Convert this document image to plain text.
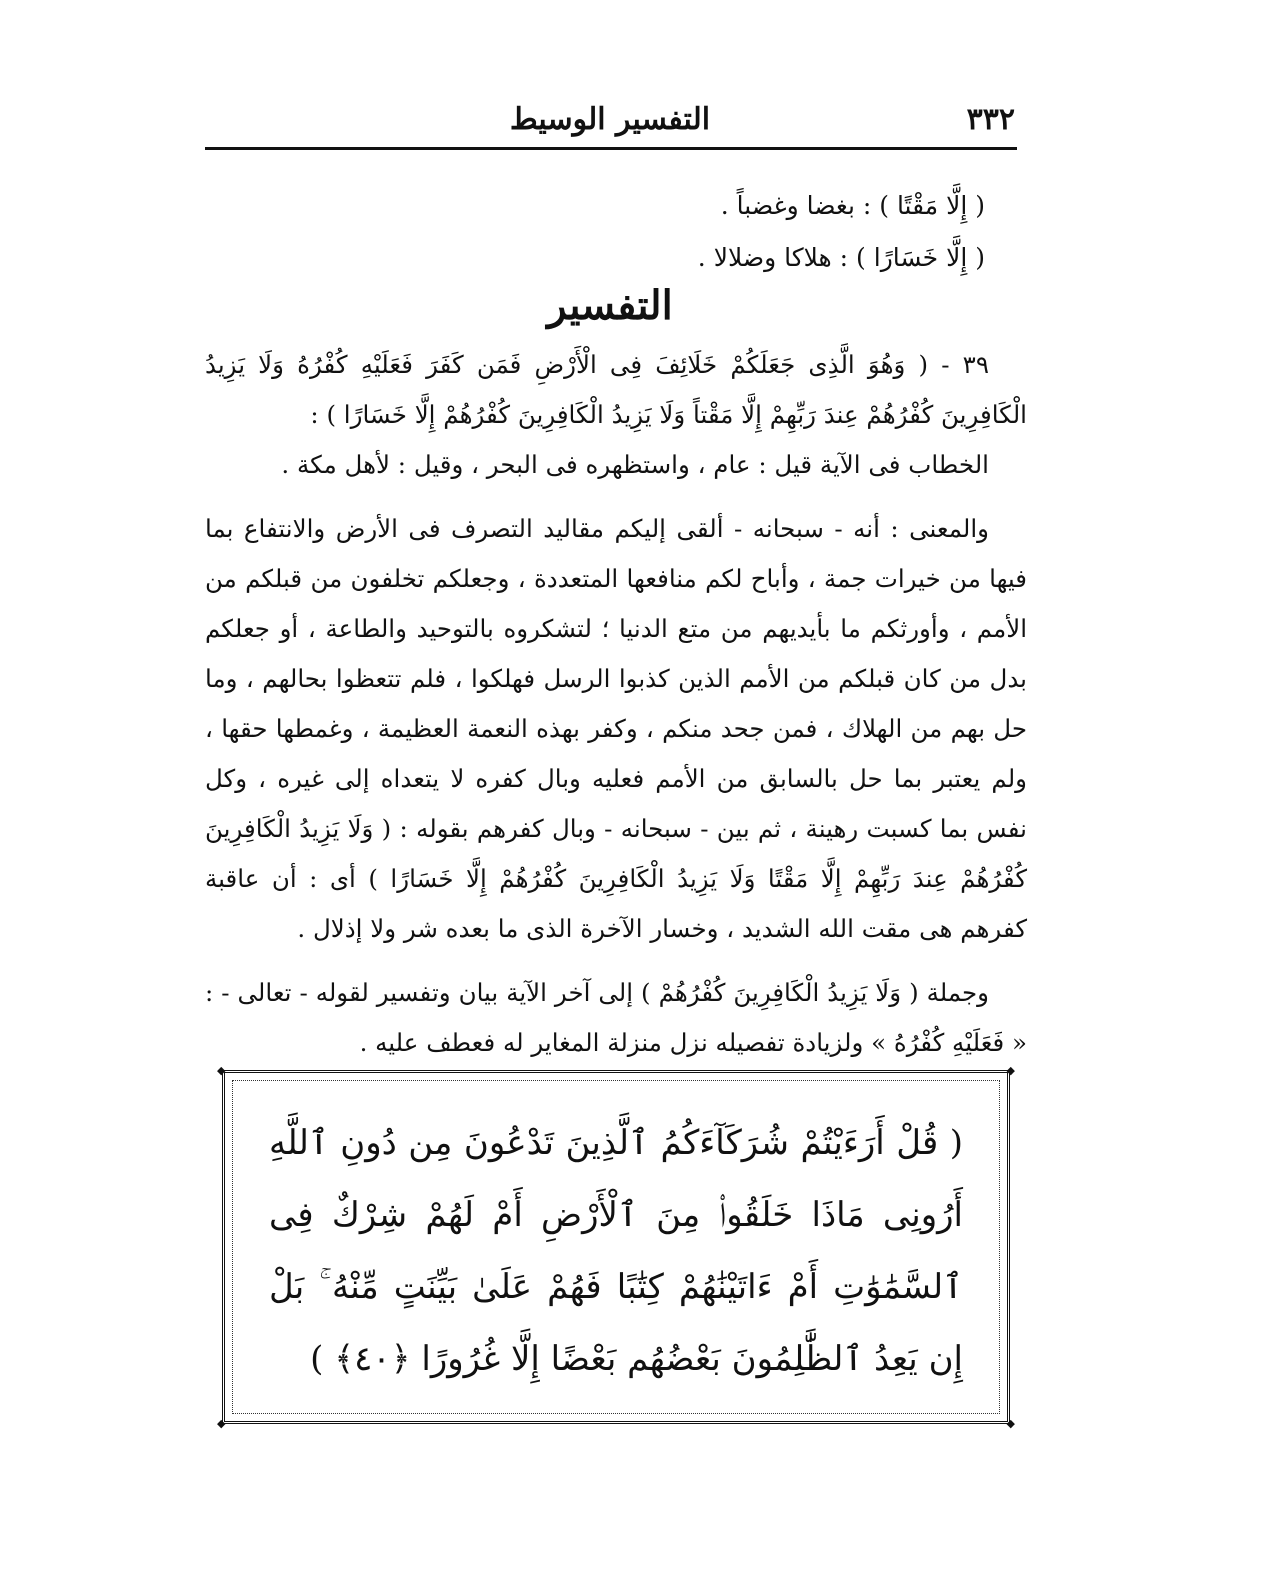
٣٣٢
التفسير الوسيط
( إِلَّا مَقْتًا ) : بغضا وغضباً .
( إِلَّا خَسَارًا ) : هلاكا وضلالا .
التفسير

٣٩ - ( وَهُوَ الَّذِى جَعَلَكُمْ خَلَائِفَ فِى الْأَرْضِ فَمَن كَفَرَ فَعَلَيْهِ كُفْرُهُ وَلَا يَزِيدُ الْكَافِرِينَ كُفْرُهُمْ عِندَ رَبِّهِمْ إِلَّا مَقْتاً وَلَا يَزِيدُ الْكَافِرِينَ كُفْرُهُمْ إِلَّا خَسَارًا ) :

الخطاب فى الآية قيل : عام ، واستظهره فى البحر ، وقيل : لأهل مكة .

والمعنى : أنه - سبحانه - ألقى إليكم مقاليد التصرف فى الأرض والانتفاع بما فيها من خيرات جمة ، وأباح لكم منافعها المتعددة ، وجعلكم تخلفون من قبلكم من الأمم ، وأورثكم ما بأيديهم من متع الدنيا ؛ لتشكروه بالتوحيد والطاعة ، أو جعلكم بدل من كان قبلكم من الأمم الذين كذبوا الرسل فهلكوا ، فلم تتعظوا بحالهم ، وما حل بهم من الهلاك ، فمن جحد منكم ، وكفر بهذه النعمة العظيمة ، وغمطها حقها ، ولم يعتبر بما حل بالسابق من الأمم فعليه وبال كفره لا يتعداه إلى غيره ، وكل نفس بما كسبت رهينة ، ثم بين - سبحانه - وبال كفرهم بقوله : ( وَلَا يَزِيدُ الْكَافِرِينَ كُفْرُهُمْ عِندَ رَبِّهِمْ إِلَّا مَقْتًا وَلَا يَزِيدُ الْكَافِرِينَ كُفْرُهُمْ إِلَّا خَسَارًا ) أى : أن عاقبة كفرهم هى مقت الله الشديد ، وخسار الآخرة الذى ما بعده شر ولا إذلال .

وجملة ( وَلَا يَزِيدُ الْكَافِرِينَ كُفْرُهُمْ ) إلى آخر الآية بيان وتفسير لقوله - تعالى - : « فَعَلَيْهِ كُفْرُهُ » ولزيادة تفصيله نزل منزلة المغاير له فعطف عليه .

◆	◆
◆	◆
( قُلْ أَرَءَيْتُمْ شُرَكَآءَكُمُ ٱلَّذِينَ تَدْعُونَ مِن دُونِ ٱللَّهِ أَرُونِى مَاذَا خَلَقُوا۟ مِنَ ٱلْأَرْضِ أَمْ لَهُمْ شِرْكٌ فِى ٱلسَّمَٰوَٰتِ أَمْ ءَاتَيْنَٰهُمْ كِتَٰبًا فَهُمْ عَلَىٰ بَيِّنَتٍ مِّنْهُ ۚ بَلْ إِن يَعِدُ ٱلظَّٰلِمُونَ بَعْضُهُم بَعْضًا إِلَّا غُرُورًا ﴿٤٠﴾ )
